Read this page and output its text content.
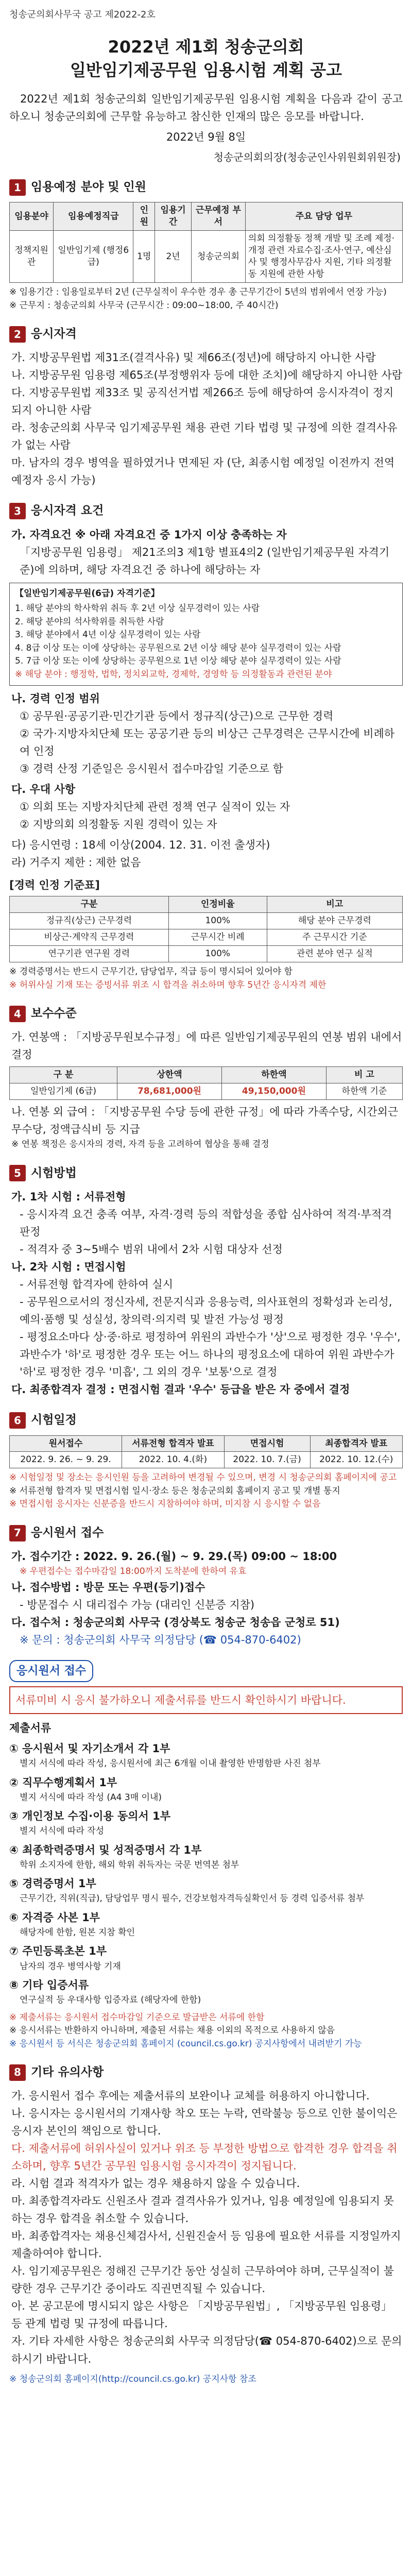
청송군의회사무국 공고 제2022-2호
2022년 제1회 청송군의회
일반임기제공무원 임용시험 계획 공고

2022년 제1회 청송군의회 일반임기제공무원 임용시험 계획을 다음과 같이 공고하오니 청송군의회에 근무할 유능하고 참신한 인재의 많은 응모를 바랍니다.

2022년 9월 8일
청송군의회의장(청송군인사위원회위원장)
1 임용예정 분야 및 인원
임용분야	임용예정직급	인원	임용기간	근무예정 부서	주요 담당 업무
정책지원관	일반임기제 (행정6급)	1명	2년	청송군의회	의회 의정활동 정책 개발 및 조례 제정·개정 관련 자료수집·조사·연구, 예산심사 및 행정사무감사 지원, 기타 의정활동 지원에 관한 사항
※ 임용기간 : 임용일로부터 2년 (근무실적이 우수한 경우 총 근무기간이 5년의 범위에서 연장 가능)
※ 근무지 : 청송군의회 사무국 (근무시간 : 09:00~18:00, 주 40시간)
2 응시자격
가. 지방공무원법 제31조(결격사유) 및 제66조(정년)에 해당하지 아니한 사람
나. 지방공무원 임용령 제65조(부정행위자 등에 대한 조치)에 해당하지 아니한 사람
다. 지방공무원법 제33조 및 공직선거법 제266조 등에 해당하여 응시자격이 정지되지 아니한 사람
라. 청송군의회 사무국 임기제공무원 채용 관련 기타 법령 및 규정에 의한 결격사유가 없는 사람
마. 남자의 경우 병역을 필하였거나 면제된 자 (단, 최종시험 예정일 이전까지 전역 예정자 응시 가능)
3 응시자격 요건
가. 자격요건 ※ 아래 자격요건 중 1가지 이상 충족하는 자
「지방공무원 임용령」 제21조의3 제1항 별표4의2 (일반임기제공무원 자격기준)에 의하며, 해당 자격요건 중 하나에 해당하는 자
【일반임기제공무원(6급) 자격기준】
1. 해당 분야의 학사학위 취득 후 2년 이상 실무경력이 있는 사람
2. 해당 분야의 석사학위를 취득한 사람
3. 해당 분야에서 4년 이상 실무경력이 있는 사람
4. 8급 이상 또는 이에 상당하는 공무원으로 2년 이상 해당 분야 실무경력이 있는 사람
5. 7급 이상 또는 이에 상당하는 공무원으로 1년 이상 해당 분야 실무경력이 있는 사람
※ 해당 분야 : 행정학, 법학, 정치외교학, 경제학, 경영학 등 의정활동과 관련된 분야
나. 경력 인정 범위
① 공무원·공공기관·민간기관 등에서 정규직(상근)으로 근무한 경력
② 국가·지방자치단체 또는 공공기관 등의 비상근 근무경력은 근무시간에 비례하여 인정
③ 경력 산정 기준일은 응시원서 접수마감일 기준으로 함
다. 우대 사항
① 의회 또는 지방자치단체 관련 정책 연구 실적이 있는 자
② 지방의회 의정활동 지원 경력이 있는 자
다) 응시연령 : 18세 이상(2004. 12. 31. 이전 출생자)
라) 거주지 제한 : 제한 없음
[경력 인정 기준표]
구분	인정비율	비고
정규직(상근) 근무경력	100%	해당 분야 근무경력
비상근·계약직 근무경력	근무시간 비례	주 근무시간 기준
연구기관 연구원 경력	100%	관련 분야 연구 실적
※ 경력증명서는 반드시 근무기간, 담당업무, 직급 등이 명시되어 있어야 함
※ 허위사실 기재 또는 증빙서류 위조 시 합격을 취소하며 향후 5년간 응시자격 제한
4 보수수준
가. 연봉액 : 「지방공무원보수규정」에 따른 일반임기제공무원의 연봉 범위 내에서 결정
구 분	상한액	하한액	비 고
일반임기제 (6급)	78,681,000원	49,150,000원	하한액 기준
나. 연봉 외 급여 : 「지방공무원 수당 등에 관한 규정」에 따라 가족수당, 시간외근무수당, 정액급식비 등 지급
※ 연봉 책정은 응시자의 경력, 자격 등을 고려하여 협상을 통해 결정
5 시험방법
가. 1차 시험 : 서류전형
- 응시자격 요건 충족 여부, 자격·경력 등의 적합성을 종합 심사하여 적격·부적격 판정
- 적격자 중 3~5배수 범위 내에서 2차 시험 대상자 선정
나. 2차 시험 : 면접시험
- 서류전형 합격자에 한하여 실시
- 공무원으로서의 정신자세, 전문지식과 응용능력, 의사표현의 정확성과 논리성, 예의·품행 및 성실성, 창의력·의지력 및 발전 가능성 평정
- 평정요소마다 상·중·하로 평정하여 위원의 과반수가 '상'으로 평정한 경우 '우수', 과반수가 '하'로 평정한 경우 또는 어느 하나의 평정요소에 대하여 위원 과반수가 '하'로 평정한 경우 '미흡', 그 외의 경우 '보통'으로 결정
다. 최종합격자 결정 : 면접시험 결과 '우수' 등급을 받은 자 중에서 결정
6 시험일정
원서접수	서류전형 합격자 발표	면접시험	최종합격자 발표
2022. 9. 26. ~ 9. 29.	2022. 10. 4.(화)	2022. 10. 7.(금)	2022. 10. 12.(수)
※ 시험일정 및 장소는 응시인원 등을 고려하여 변경될 수 있으며, 변경 시 청송군의회 홈페이지에 공고
※ 서류전형 합격자 및 면접시험 일시·장소 등은 청송군의회 홈페이지 공고 및 개별 통지
※ 면접시험 응시자는 신분증을 반드시 지참하여야 하며, 미지참 시 응시할 수 없음
7 응시원서 접수
가. 접수기간 : 2022. 9. 26.(월) ~ 9. 29.(목) 09:00 ~ 18:00
※ 우편접수는 접수마감일 18:00까지 도착분에 한하여 유효
나. 접수방법 : 방문 또는 우편(등기)접수
- 방문접수 시 대리접수 가능 (대리인 신분증 지참)
다. 접수처 : 청송군의회 사무국 (경상북도 청송군 청송읍 군청로 51)
※ 문의 : 청송군의회 사무국 의정담당 (☎ 054-870-6402)
응시원서 접수
서류미비 시 응시 불가하오니 제출서류를 반드시 확인하시기 바랍니다.
제출서류
① 응시원서 및 자기소개서 각 1부
별지 서식에 따라 작성, 응시원서에 최근 6개월 이내 촬영한 반명함판 사진 첨부
② 직무수행계획서 1부
별지 서식에 따라 작성 (A4 3매 이내)
③ 개인정보 수집·이용 동의서 1부
별지 서식에 따라 작성
④ 최종학력증명서 및 성적증명서 각 1부
학위 소지자에 한함, 해외 학위 취득자는 국문 번역본 첨부
⑤ 경력증명서 1부
근무기간, 직위(직급), 담당업무 명시 필수, 건강보험자격득실확인서 등 경력 입증서류 첨부
⑥ 자격증 사본 1부
해당자에 한함, 원본 지참 확인
⑦ 주민등록초본 1부
남자의 경우 병역사항 기재
⑧ 기타 입증서류
연구실적 등 우대사항 입증자료 (해당자에 한함)
※ 제출서류는 응시원서 접수마감일 기준으로 발급받은 서류에 한함
※ 응시서류는 반환하지 아니하며, 제출된 서류는 채용 이외의 목적으로 사용하지 않음
※ 응시원서 등 서식은 청송군의회 홈페이지 (council.cs.go.kr) 공지사항에서 내려받기 가능
8 기타 유의사항
가. 응시원서 접수 후에는 제출서류의 보완이나 교체를 허용하지 아니합니다.
나. 응시자는 응시원서의 기재사항 착오 또는 누락, 연락불능 등으로 인한 불이익은 응시자 본인의 책임으로 합니다.
다. 제출서류에 허위사실이 있거나 위조 등 부정한 방법으로 합격한 경우 합격을 취소하며, 향후 5년간 공무원 임용시험 응시자격이 정지됩니다.
라. 시험 결과 적격자가 없는 경우 채용하지 않을 수 있습니다.
마. 최종합격자라도 신원조사 결과 결격사유가 있거나, 임용 예정일에 임용되지 못하는 경우 합격을 취소할 수 있습니다.
바. 최종합격자는 채용신체검사서, 신원진술서 등 임용에 필요한 서류를 지정일까지 제출하여야 합니다.
사. 임기제공무원은 정해진 근무기간 동안 성실히 근무하여야 하며, 근무실적이 불량한 경우 근무기간 중이라도 직권면직될 수 있습니다.
아. 본 공고문에 명시되지 않은 사항은 「지방공무원법」, 「지방공무원 임용령」 등 관계 법령 및 규정에 따릅니다.
자. 기타 자세한 사항은 청송군의회 사무국 의정담당(☎ 054-870-6402)으로 문의하시기 바랍니다.
※ 청송군의회 홈페이지(http://council.cs.go.kr) 공지사항 참조
